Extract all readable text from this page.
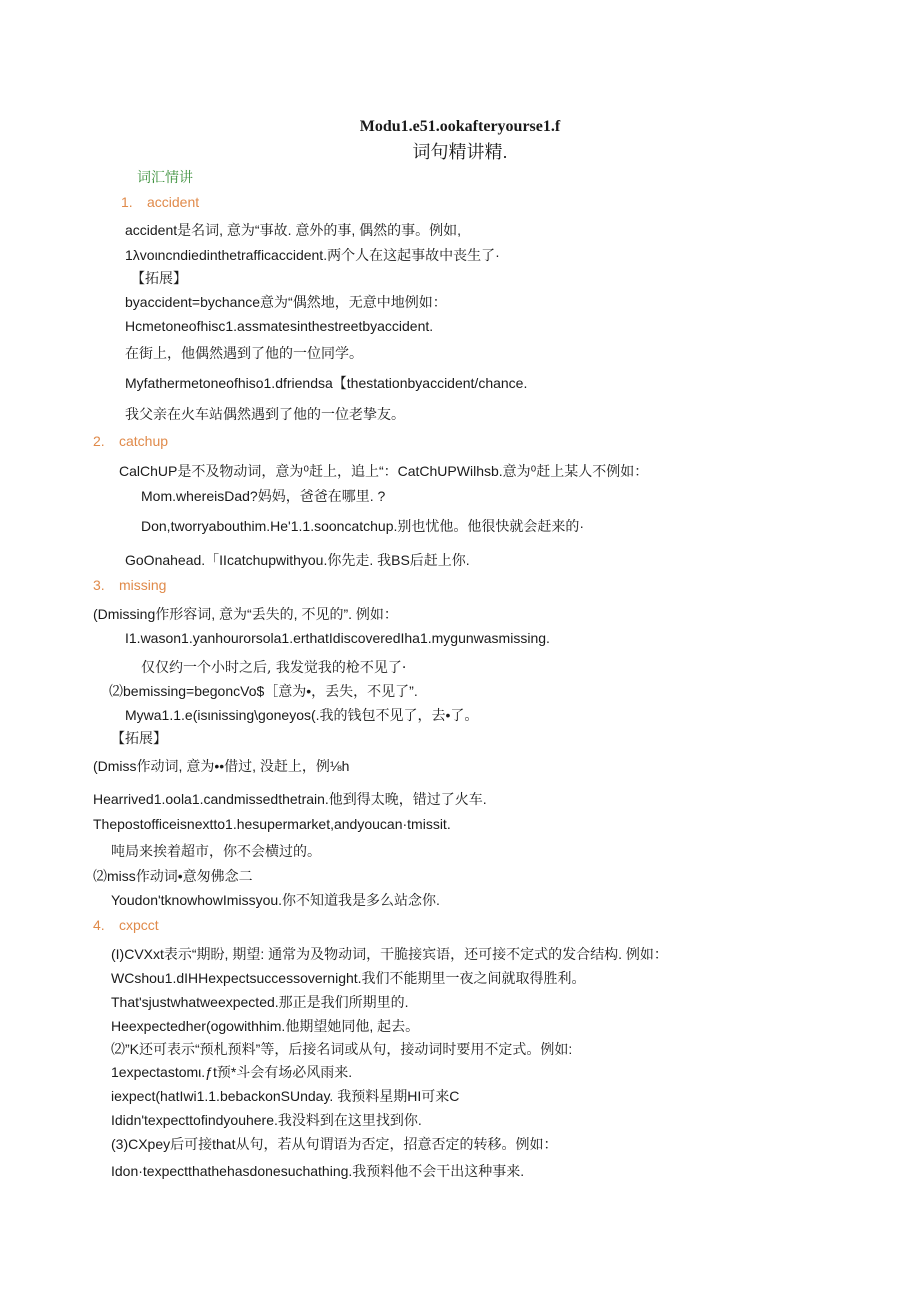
Modu1.e51.ookafteryourse1.f
词句精讲精.
词汇情讲
1. accident
accident是名词, 意为“事故. 意外的事, 偶然的事。例如,
1λvoιncndiedinthetrafficaccident.两个人在这起事故中丧生了·
【拓展】
byaccident=bychance意为“偶然地，无意中地例如：
Hcmetoneofhisc1.assmatesinthestreetbyaccident.
在街上，他偶然遇到了他的一位同学。
Myfathermetoneofhiso1.dfriendsa【thestationbyaccident/chance.
我父亲在火车站偶然遇到了他的一位老挚友。
2. catchup
CalChUP是不及物动词，意为⁰赶上，追上“：CatChUPWilhsb.意为⁰赶上某人不例如：
Mom.whereisDad?妈妈，爸爸在哪里. ?
Don,tworryabouthim.He'1.1.sooncatchup.别也忧他。他很快就会赶来的·
GoOnahead.「IIcatchupwithyou.你先走. 我BS后赶上你.
3. missing
(Dmissing作形容词, 意为“丢失的, 不见的”. 例如：
I1.wason1.yanhourorsola1.erthatIdiscoveredIha1.mygunwasmissing.
仅仅约一个小时之后, 我发觉我的枪不见了·
⑵bemissing=begoncVo$［意为•，丢失，不见了”.
Mywa1.1.e(isιnissing\goneyos(.我的钱包不见了，去•了。
【拓展】
(Dmiss作动词, 意为••借过, 没赶上，例⅛h
Hearrived1.oola1.candmissedthetrain.他到得太晚，错过了火车.
Thepostofficeisnextto1.hesupermarket,andyoucan·tmissit.
吨局来挨着超市，你不会横过的。
⑵miss作动词•意匆佛念二
Youdon'tknowhowImissyou.你不知道我是多么站念你.
4. cxpcct
(I)CVXxt表示“期盼, 期望: 通常为及物动词，干脆接宾语，还可接不定式的发合结构. 例如：
WCshou1.dIHHexpectsuccessovernight.我们不能期里一夜之间就取得胜利。
That'sjustwhatweexpected.那正是我们所期里的.
Heexpectedher(ogowithhim.他期望她同他, 起去。
⑵”K还可表示“预札预料”等，后接名词或从句，接动词时要用不定式。例如:
1expectastomι.ƒt预*斗会有场必风雨来.
iexpect(hatIwi1.1.bebackonSUnday. 我预料星期HI可来C
Ididn'texpecttofindyouhere.我没料到在这里找到你.
(3)CXpey后可接that从句，若从句谓语为否定，招意否定的转移。例如：
Idon·texpectthathehasdonesuchathing.我预料他不会干出这种事来.
